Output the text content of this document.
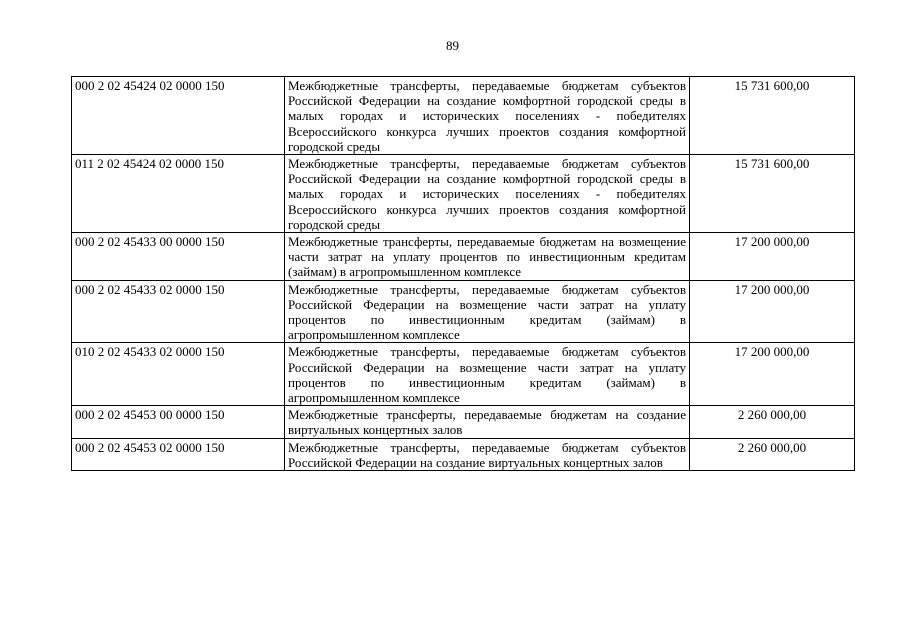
89
000 2 02 45424 02 0000 150	Межбюджетные трансферты, передаваемые бюджетам субъектов Российской Федерации на создание комфортной городской среды в малых городах и исторических поселениях - победителях Всероссийского конкурса лучших проектов создания комфортной городской среды	15 731 600,00
011 2 02 45424 02 0000 150	Межбюджетные трансферты, передаваемые бюджетам субъектов Российской Федерации на создание комфортной городской среды в малых городах и исторических поселениях - победителях Всероссийского конкурса лучших проектов создания комфортной городской среды	15 731 600,00
000 2 02 45433 00 0000 150	Межбюджетные трансферты, передаваемые бюджетам на возмещение части затрат на уплату процентов по инвестиционным кредитам (займам) в агропромышленном комплексе	17 200 000,00
000 2 02 45433 02 0000 150	Межбюджетные трансферты, передаваемые бюджетам субъектов Российской Федерации на возмещение части затрат на уплату процентов по инвестиционным кредитам (займам) в агропромышленном комплексе	17 200 000,00
010 2 02 45433 02 0000 150	Межбюджетные трансферты, передаваемые бюджетам субъектов Российской Федерации на возмещение части затрат на уплату процентов по инвестиционным кредитам (займам) в агропромышленном комплексе	17 200 000,00
000 2 02 45453 00 0000 150	Межбюджетные трансферты, передаваемые бюджетам на создание виртуальных концертных залов	2 260 000,00
000 2 02 45453 02 0000 150	Межбюджетные трансферты, передаваемые бюджетам субъектов Российской Федерации на создание виртуальных концертных залов	2 260 000,00
